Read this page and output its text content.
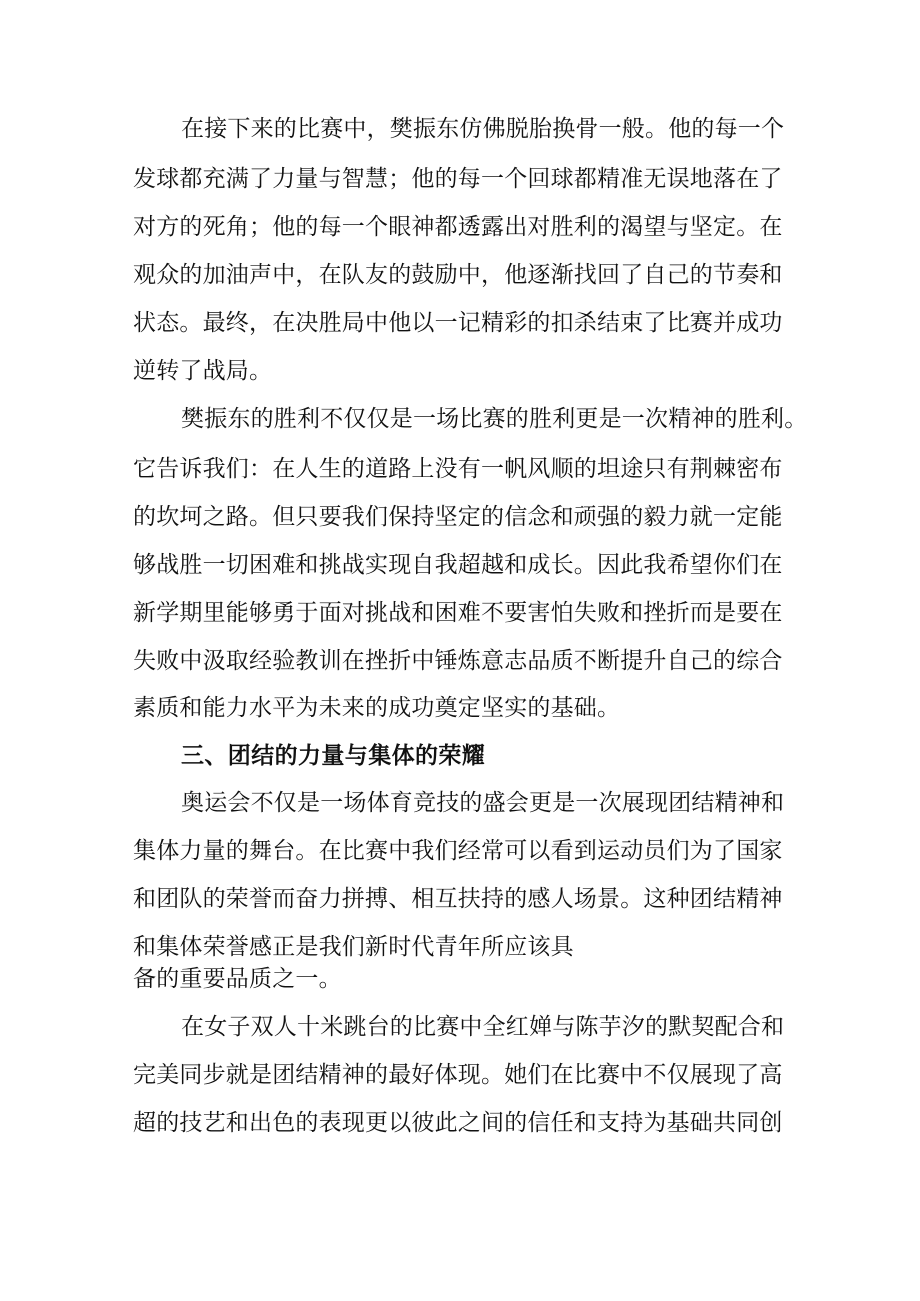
在接下来的比赛中，樊振东仿佛脱胎换骨一般。他的每一个
发球都充满了力量与智慧；他的每一个回球都精准无误地落在了
对方的死角；他的每一个眼神都透露出对胜利的渴望与坚定。在
观众的加油声中，在队友的鼓励中，他逐渐找回了自己的节奏和
状态。最终，在决胜局中他以一记精彩的扣杀结束了比赛并成功
逆转了战局。
樊振东的胜利不仅仅是一场比赛的胜利更是一次精神的胜利。
它告诉我们：在人生的道路上没有一帆风顺的坦途只有荆棘密布
的坎坷之路。但只要我们保持坚定的信念和顽强的毅力就一定能
够战胜一切困难和挑战实现自我超越和成长。因此我希望你们在
新学期里能够勇于面对挑战和困难不要害怕失败和挫折而是要在
失败中汲取经验教训在挫折中锤炼意志品质不断提升自己的综合
素质和能力水平为未来的成功奠定坚实的基础。
三、团结的力量与集体的荣耀
奥运会不仅是一场体育竞技的盛会更是一次展现团结精神和
集体力量的舞台。在比赛中我们经常可以看到运动员们为了国家
和团队的荣誉而奋力拼搏、相互扶持的感人场景。这种团结精神
和集体荣誉感正是我们新时代青年所应该具
备的重要品质之一。
在女子双人十米跳台的比赛中全红婵与陈芋汐的默契配合和
完美同步就是团结精神的最好体现。她们在比赛中不仅展现了高
超的技艺和出色的表现更以彼此之间的信任和支持为基础共同创
